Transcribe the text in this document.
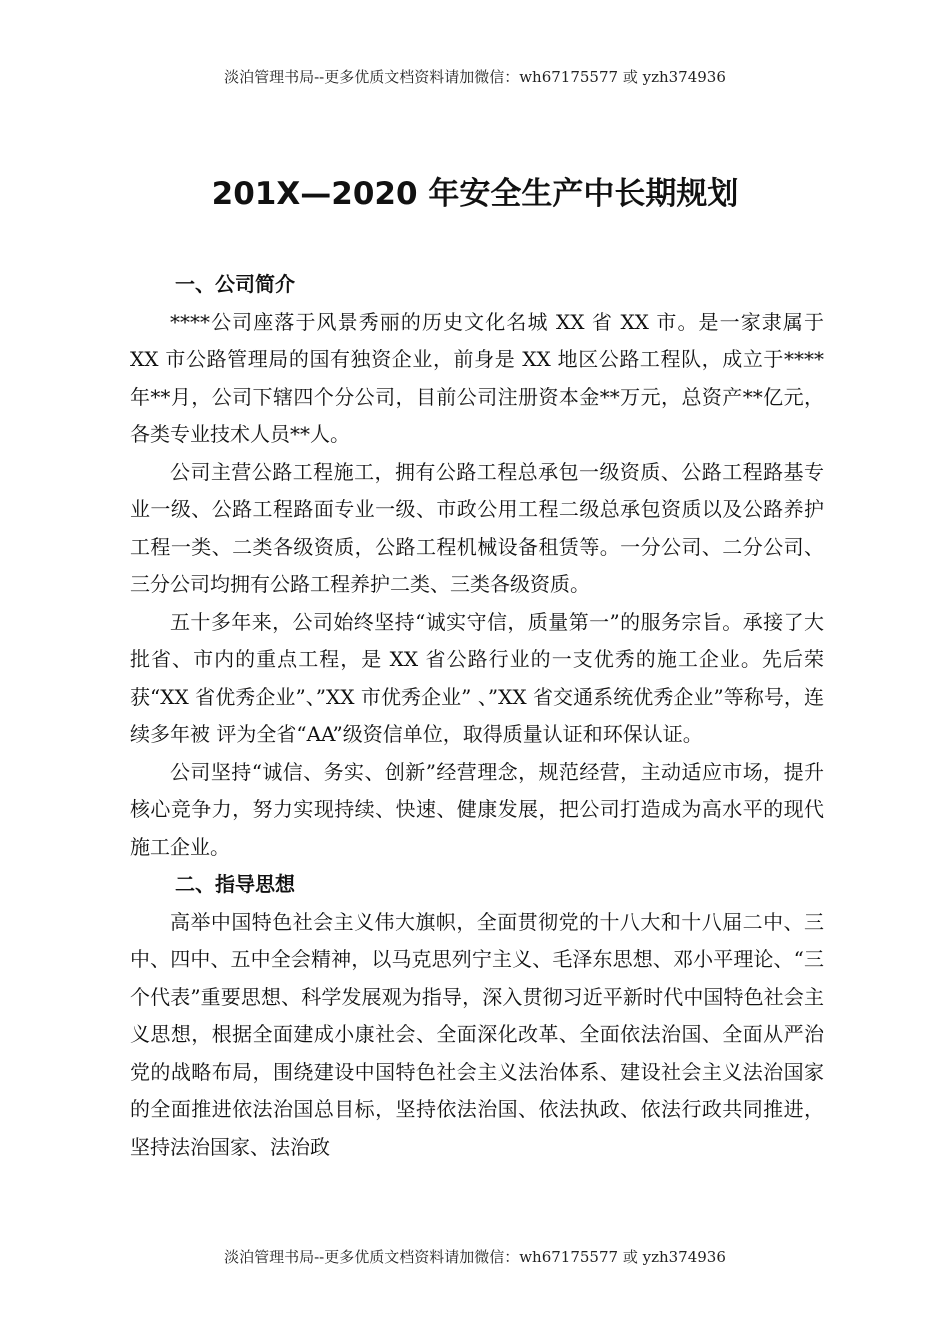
淡泊管理书局--更多优质文档资料请加微信：wh67175577 或 yzh374936
201X—2020 年安全生产中长期规划

一、公司简介

****公司座落于风景秀丽的历史文化名城 XX 省 XX 市。是一家隶属于 XX 市公路管理局的国有独资企业，前身是 XX 地区公路工程队，成立于****年**月，公司下辖四个分公司，目前公司注册资本金**万元，总资产**亿元，各类专业技术人员**人。

公司主营公路工程施工，拥有公路工程总承包一级资质、公路工程路基专业一级、公路工程路面专业一级、市政公用工程二级总承包资质以及公路养护工程一类、二类各级资质，公路工程机械设备租赁等。一分公司、二分公司、三分公司均拥有公路工程养护二类、三类各级资质。

五十多年来，公司始终坚持“诚实守信，质量第一”的服务宗旨。承接了大批省、市内的重点工程，是 XX 省公路行业的一支优秀的施工企业。先后荣获“XX 省优秀企业”、”XX 市优秀企业” 、”XX 省交通系统优秀企业”等称号，连续多年被 评为全省“AA”级资信单位，取得质量认证和环保认证。

公司坚持“诚信、务实、创新”经营理念，规范经营，主动适应市场，提升核心竞争力，努力实现持续、快速、健康发展，把公司打造成为高水平的现代施工企业。

二、指导思想

高举中国特色社会主义伟大旗帜，全面贯彻党的十八大和十八届二中、三中、四中、五中全会精神，以马克思列宁主义、毛泽东思想、邓小平理论、“三个代表”重要思想、科学发展观为指导，深入贯彻习近平新时代中国特色社会主义思想，根据全面建成小康社会、全面深化改革、全面依法治国、全面从严治党的战略布局，围绕建设中国特色社会主义法治体系、建设社会主义法治国家的全面推进依法治国总目标，坚持依法治国、依法执政、依法行政共同推进，坚持法治国家、法治政

淡泊管理书局--更多优质文档资料请加微信：wh67175577 或 yzh374936
